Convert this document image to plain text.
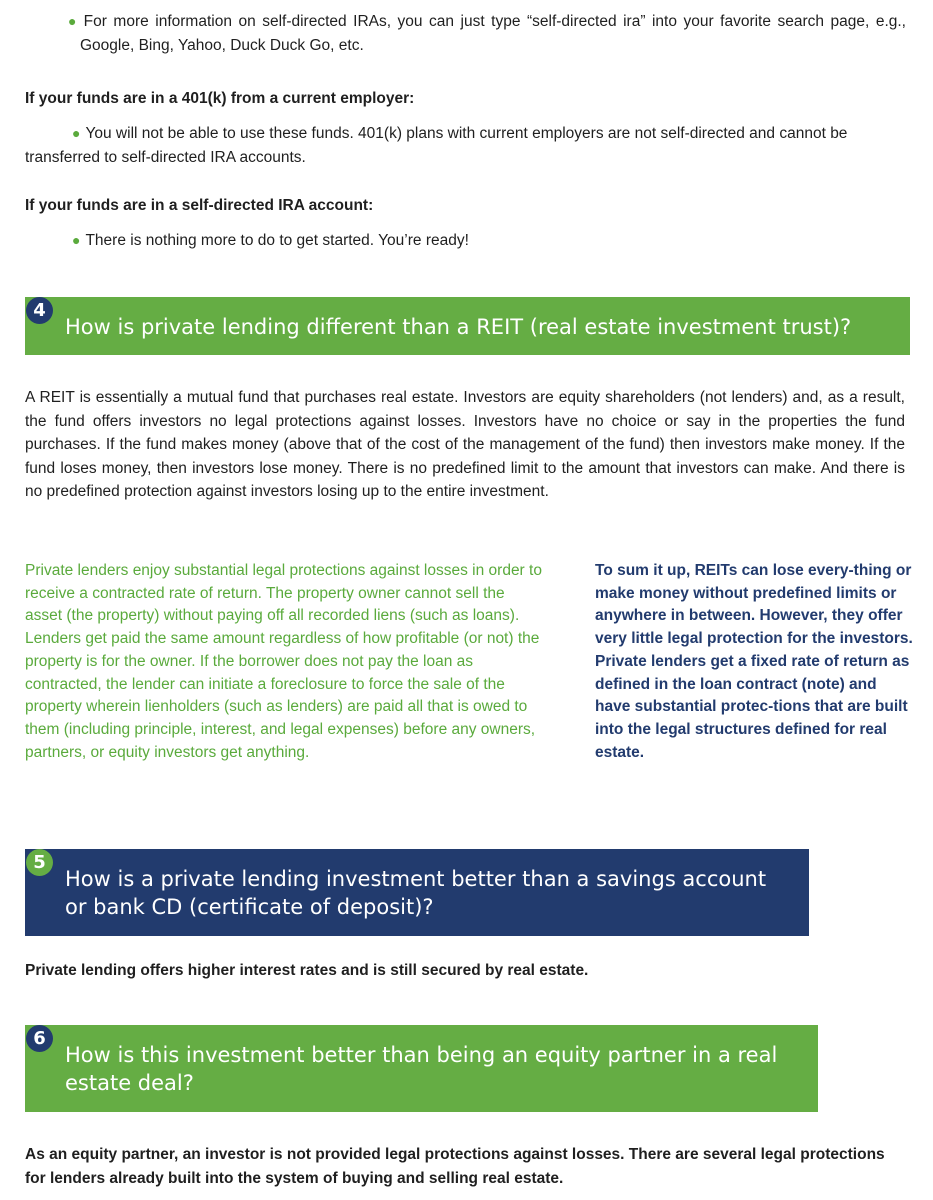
● For more information on self-directed IRAs, you can just type “self-directed ira” into your favorite search page, e.g., Google, Bing, Yahoo, Duck Duck Go, etc.
If your funds are in a 401(k) from a current employer:
● You will not be able to use these funds. 401(k) plans with current employers are not self-directed and cannot be transferred to self-directed IRA accounts.
If your funds are in a self-directed IRA account:
● There is nothing more to do to get started. You’re ready!
How is private lending different than a REIT (real estate investment trust)?
4
A REIT is essentially a mutual fund that purchases real estate. Investors are equity shareholders (not lenders) and, as a result, the fund offers investors no legal protections against losses. Investors have no choice or say in the properties the fund purchases. If the fund makes money (above that of the cost of the management of the fund) then investors make money. If the fund loses money, then investors lose money. There is no predefined limit to the amount that investors can make. And there is no predefined protection against investors losing up to the entire investment.
Private lenders enjoy substantial legal protections against losses in order to receive a contracted rate of return. The property owner cannot sell the asset (the property) without paying off all recorded liens (such as loans). Lenders get paid the same amount regardless of how profitable (or not) the property is for the owner. If the borrower does not pay the loan as contracted, the lender can initiate a foreclosure to force the sale of the property wherein lienholders (such as lenders) are paid all that is owed to them (including principle, interest, and legal expenses) before any owners, partners, or equity investors get anything.
To sum it up, REITs can lose every-thing or make money without predefined limits or anywhere in between. However, they offer very little legal protection for the investors. Private lenders get a fixed rate of return as defined in the loan contract (note) and have substantial protec-tions that are built into the legal structures defined for real estate.
How is a private lending investment better than a savings account or bank CD (certificate of deposit)?
5
Private lending offers higher interest rates and is still secured by real estate.
How is this investment better than being an equity partner in a real estate deal?
6
As an equity partner, an investor is not provided legal protections against losses. There are several legal protections for lenders already built into the system of buying and selling real estate.
